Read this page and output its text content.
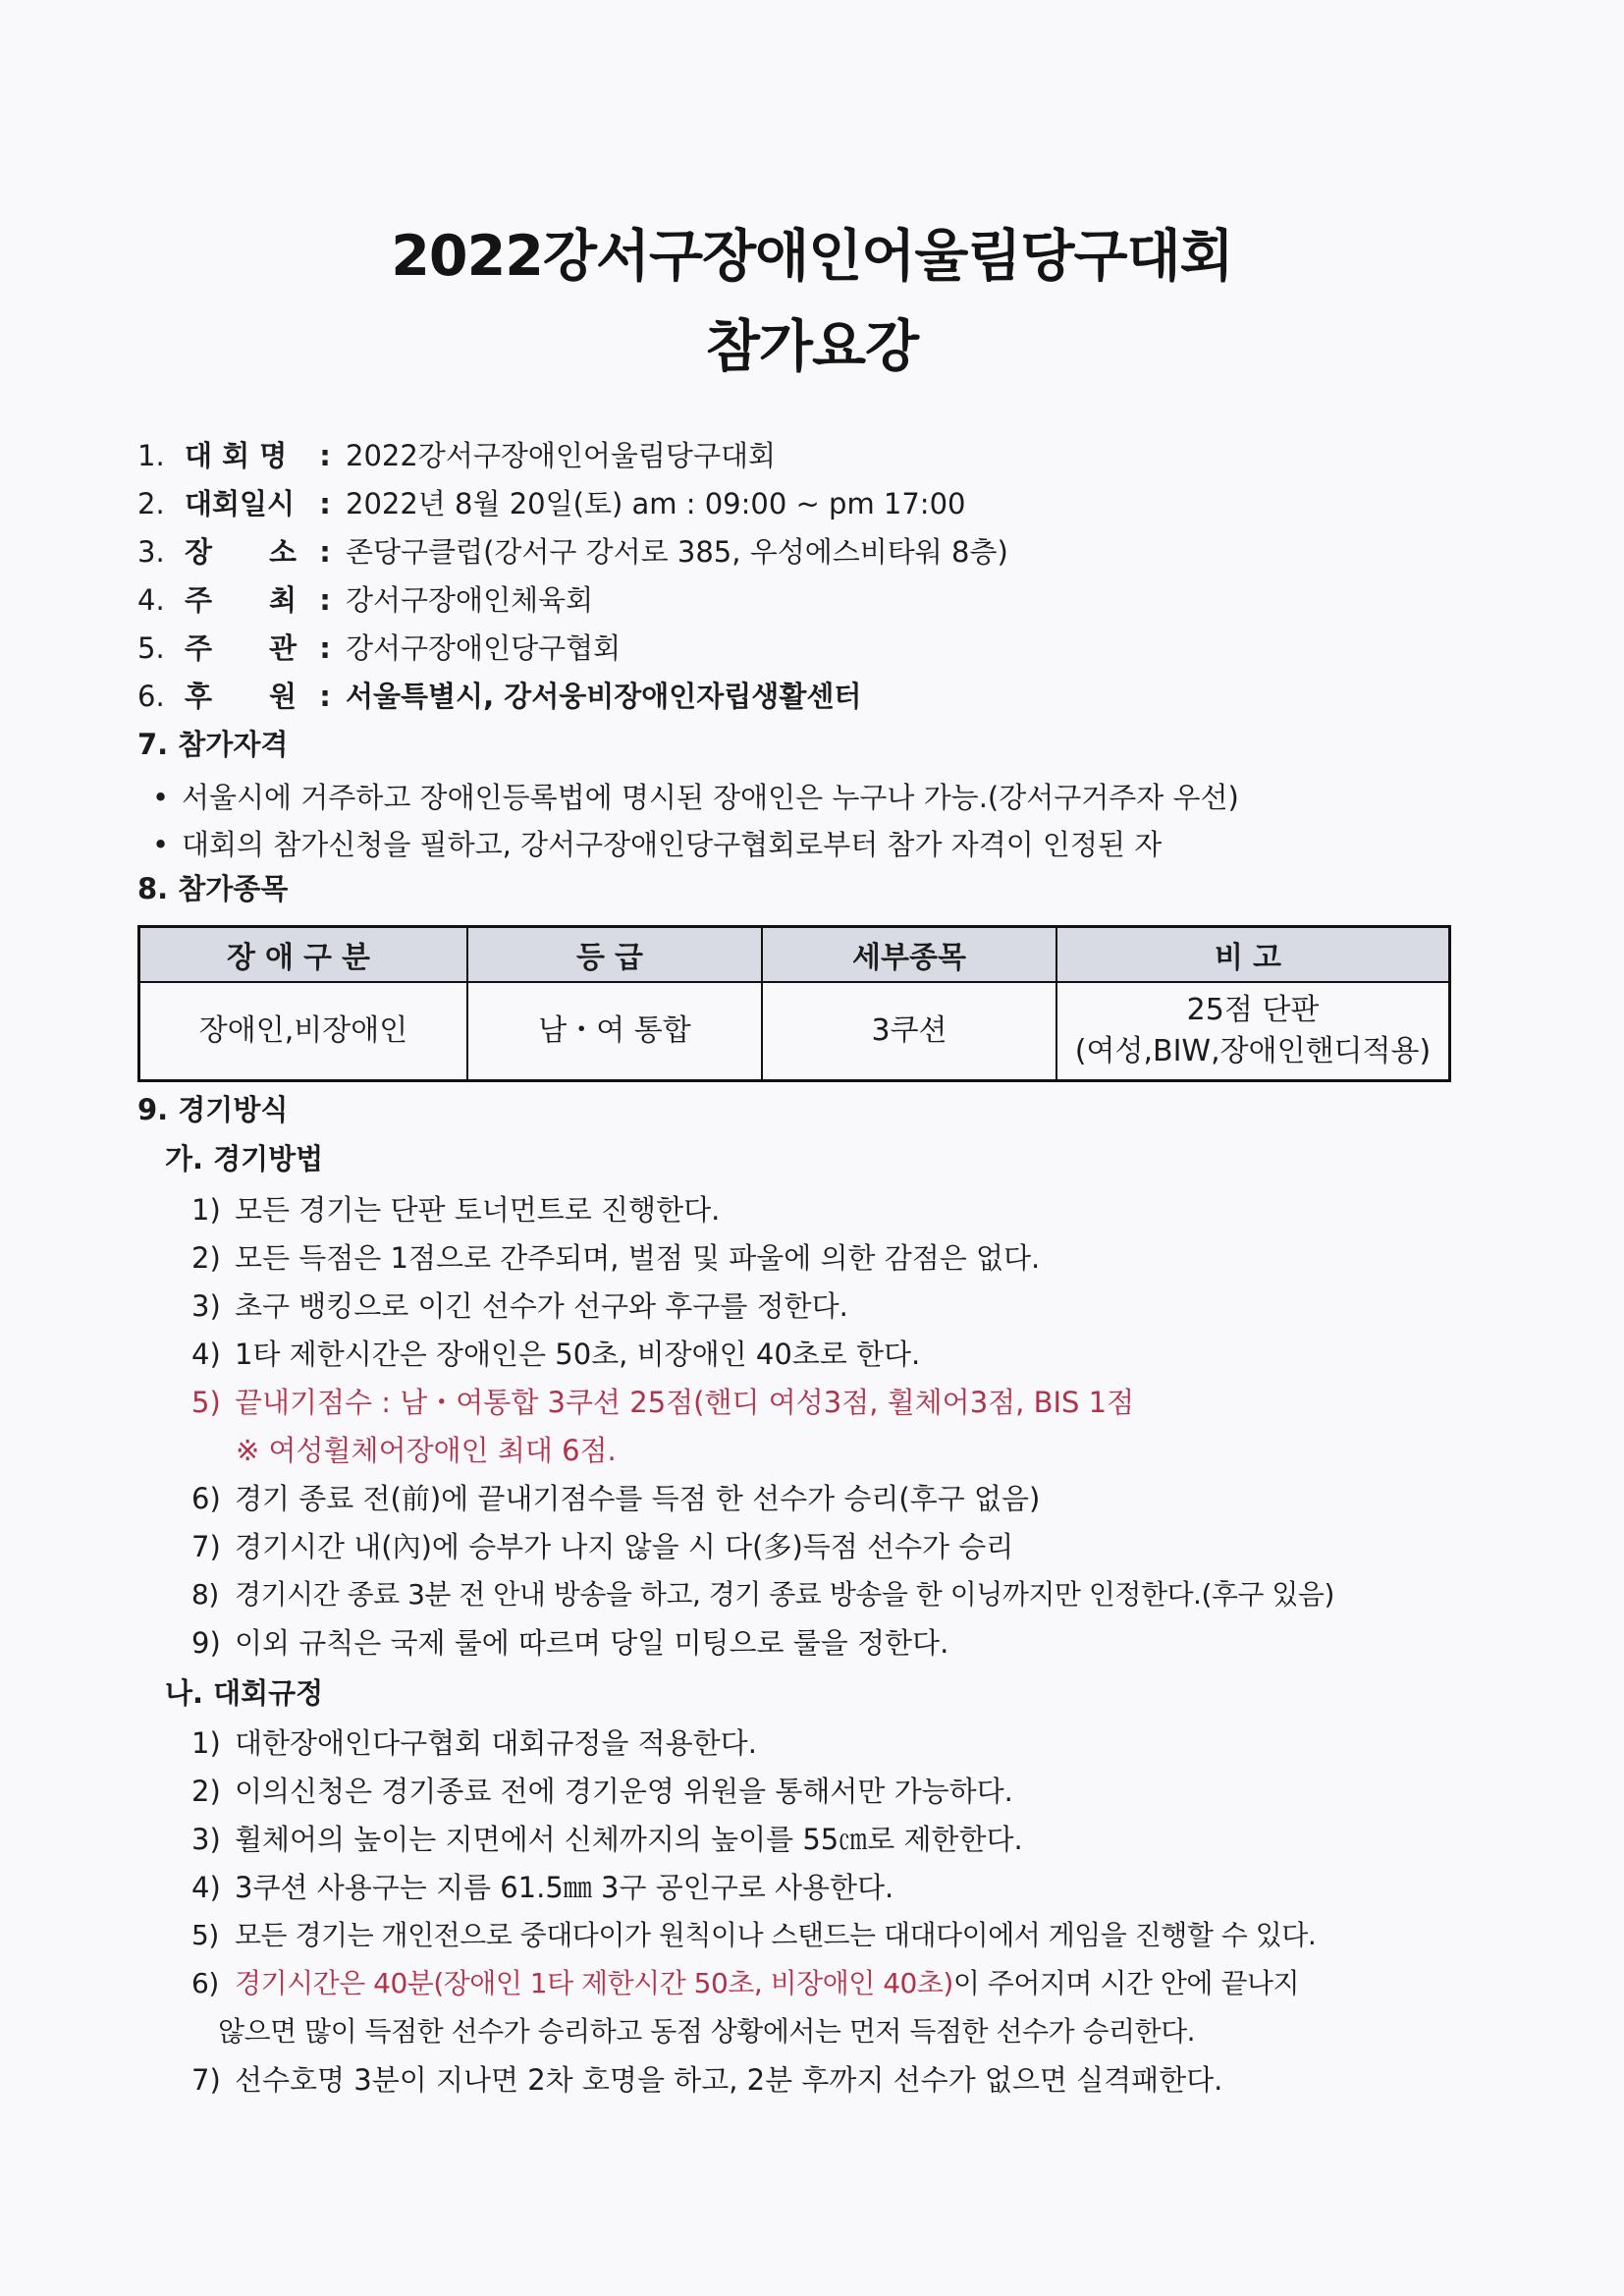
2022강서구장애인어울림당구대회
참가요강
1. 대 회 명 : 2022강서구장애인어울림당구대회
2. 대회일시 : 2022년 8월 20일(토) am : 09:00 ~ pm 17:00
3. 장　　소 : 존당구클럽(강서구 강서로 385, 우성에스비타워 8층)
4. 주　　최 : 강서구장애인체육회
5. 주　　관 : 강서구장애인당구협회
6. 후　　원 : 서울특별시, 강서웅비장애인자립생활센터
7. 참가자격
• 서울시에 거주하고 장애인등록법에 명시된 장애인은 누구나 가능.(강서구거주자 우선)
• 대회의 참가신청을 필하고, 강서구장애인당구협회로부터 참가 자격이 인정된 자
8. 참가종목
장애구분	등급	세부종목	비고
장애인,비장애인	남・여 통합	3쿠션	25점 단판
(여성,BIW,장애인핸디적용)
9. 경기방식
가. 경기방법
1) 모든 경기는 단판 토너먼트로 진행한다.
2) 모든 득점은 1점으로 간주되며, 벌점 및 파울에 의한 감점은 없다.
3) 초구 뱅킹으로 이긴 선수가 선구와 후구를 정한다.
4) 1타 제한시간은 장애인은 50초, 비장애인 40초로 한다.
5) 끝내기점수 : 남・여통합 3쿠션 25점(핸디 여성3점, 휠체어3점, BIS 1점
※ 여성휠체어장애인 최대 6점.
6) 경기 종료 전(前)에 끝내기점수를 득점 한 선수가 승리(후구 없음)
7) 경기시간 내(內)에 승부가 나지 않을 시 다(多)득점 선수가 승리
8) 경기시간 종료 3분 전 안내 방송을 하고, 경기 종료 방송을 한 이닝까지만 인정한다.(후구 있음)
9) 이외 규칙은 국제 룰에 따르며 당일 미팅으로 룰을 정한다.
나. 대회규정
1) 대한장애인다구협회 대회규정을 적용한다.
2) 이의신청은 경기종료 전에 경기운영 위원을 통해서만 가능하다.
3) 휠체어의 높이는 지면에서 신체까지의 높이를 55㎝로 제한한다.
4) 3쿠션 사용구는 지름 61.5㎜ 3구 공인구로 사용한다.
5) 모든 경기는 개인전으로 중대다이가 원칙이나 스탠드는 대대다이에서 게임을 진행할 수 있다.
6) 경기시간은 40분(장애인 1타 제한시간 50초, 비장애인 40초)이 주어지며 시간 안에 끝나지
않으면 많이 득점한 선수가 승리하고 동점 상황에서는 먼저 득점한 선수가 승리한다.
7) 선수호명 3분이 지나면 2차 호명을 하고, 2분 후까지 선수가 없으면 실격패한다.
